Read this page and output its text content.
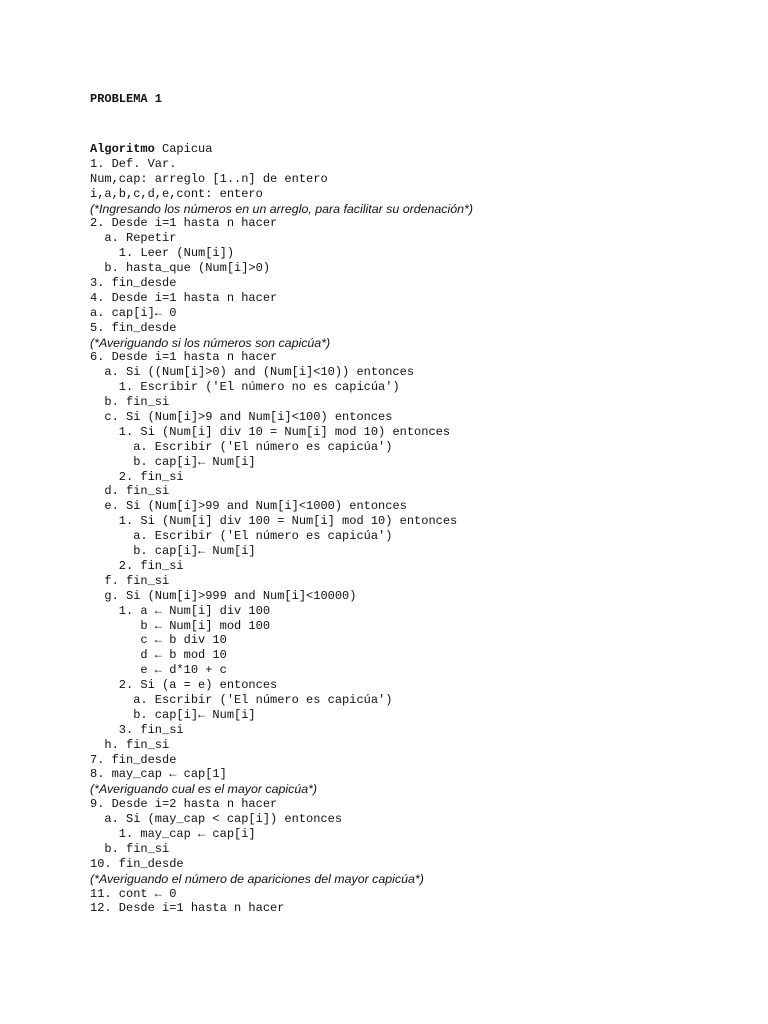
PROBLEMA 1
Algoritmo Capicua
1. Def. Var.
Num,cap: arreglo [1..n] de entero
i,a,b,c,d,e,cont: entero
(*Ingresando los números en un arreglo, para facilitar su ordenación*)
2. Desde i=1 hasta n hacer
a. Repetir
1. Leer (Num[i])
b. hasta_que (Num[i]>0)
3. fin_desde
4. Desde i=1 hasta n hacer
a. cap[i]← 0
5. fin_desde
(*Averiguando si los números son capicúa*)
6. Desde i=1 hasta n hacer
a. Si ((Num[i]>0) and (Num[i]<10)) entonces
1. Escribir ('El número no es capicúa')
b. fin_si
c. Si (Num[i]>9 and Num[i]<100) entonces
1. Si (Num[i] div 10 = Num[i] mod 10) entonces
a. Escribir ('El número es capicúa')
b. cap[i]← Num[i]
2. fin_si
d. fin_si
e. Si (Num[i]>99 and Num[i]<1000) entonces
1. Si (Num[i] div 100 = Num[i] mod 10) entonces
a. Escribir ('El número es capicúa')
b. cap[i]← Num[i]
2. fin_si
f. fin_si
g. Si (Num[i]>999 and Num[i]<10000)
1. a ← Num[i] div 100
b ← Num[i] mod 100
c ← b div 10
d ← b mod 10
e ← d*10 + c
2. Si (a = e) entonces
a. Escribir ('El número es capicúa')
b. cap[i]← Num[i]
3. fin_si
h. fin_si
7. fin_desde
8. may_cap ← cap[1]
(*Averiguando cual es el mayor capicúa*)
9. Desde i=2 hasta n hacer
a. Si (may_cap < cap[i]) entonces
1. may_cap ← cap[i]
b. fin_si
10. fin_desde
(*Averiguando el número de apariciones del mayor capicúa*)
11. cont ← 0
12. Desde i=1 hasta n hacer
